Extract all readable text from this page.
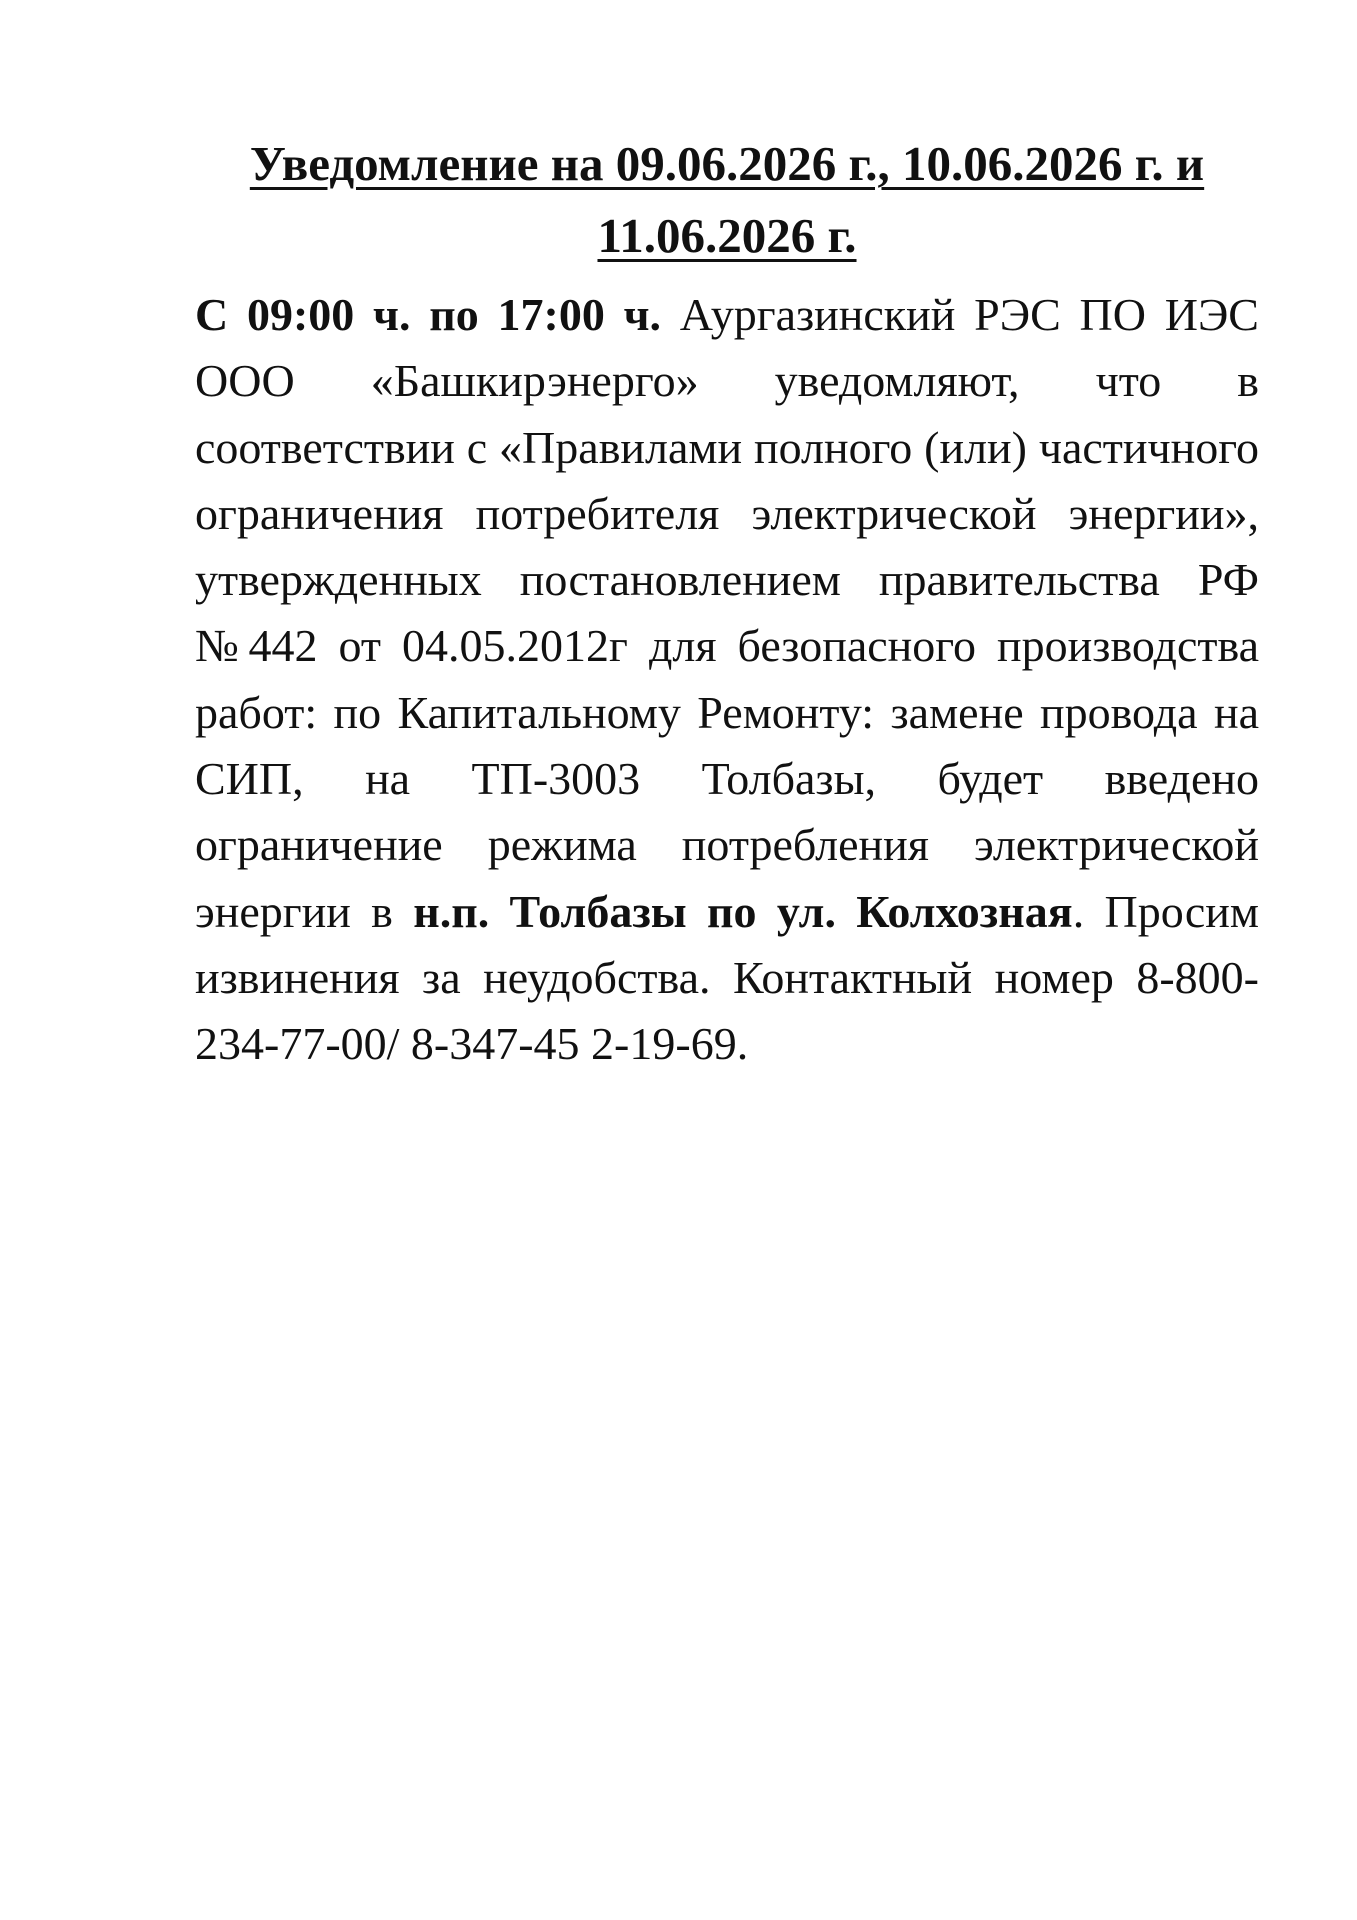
Уведомление на 09.06.2026 г., 10.06.2026 г. и
11.06.2026 г.
С 09:00 ч. по 17:00 ч. Аургазинский РЭС ПО ИЭС ООО «Башкирэнерго» уведомляют, что в соответствии с «Правилами полного (или) частичного ограничения потребителя электрической энергии», утвержденных постановлением правительства РФ №442 от 04.05.2012г для безопасного производства работ: по Капитальному Ремонту: замене провода на СИП, на ТП-3003 Толбазы, будет введено ограничение режима потребления электрической энергии в н.п. Толбазы по ул. Колхозная. Просим извинения за неудобства. Контактный номер 8-800-234-77-00/ 8-347-45 2-19-69.
